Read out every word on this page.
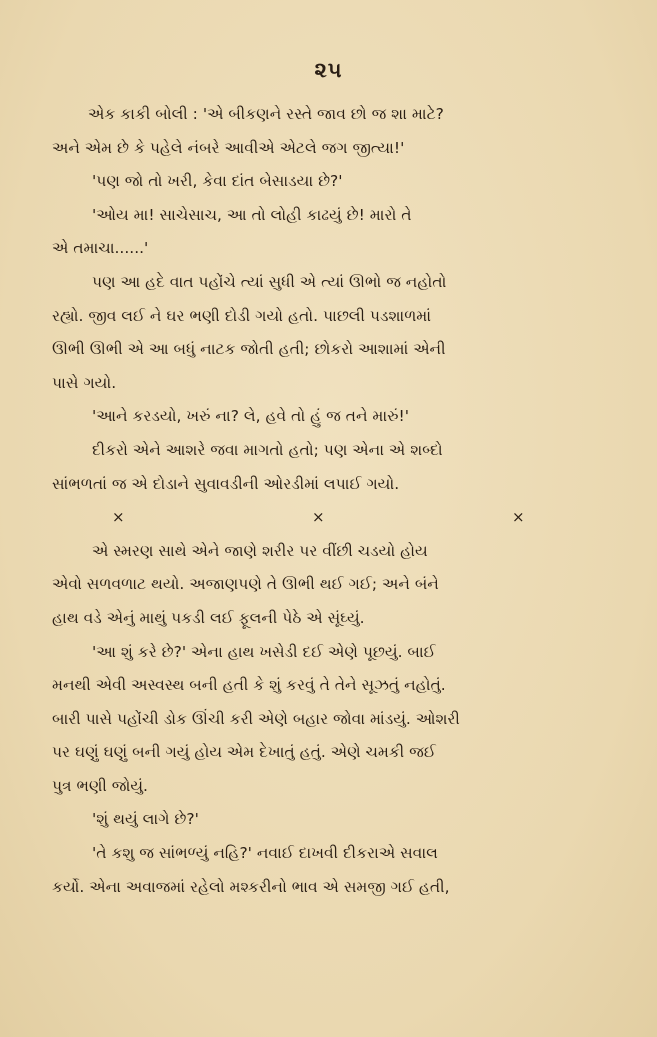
૨૫
એક કાકી બોલી : 'એ બીકણને રસ્તે જાવ છો જ શા માટે?
અને એમ છે કે પહેલે નંબરે આવીએ એટલે જગ જીત્યા!'
'પણ જો તો ખરી, કેવા દાંત બેસાડયા છે?'
'ઓય મા! સાચેસાચ, આ તો લોહી કાઢયું છે! મારો તે
એ તમાચા......'
પણ આ હદે વાત પહોંચે ત્યાં સુધી એ ત્યાં ઊભો જ નહોતો
રહ્યો. જીવ લઈ ને ઘર ભણી દોડી ગયો હતો. પાછલી પડશાળમાં
ઊભી ઊભી એ આ બધું નાટક જોતી હતી; છોકરો આશામાં એની
પાસે ગયો.
'આને કરડયો, ખરું ના? લે, હવે તો હું જ તને મારું!'
દીકરો એને આશરે જવા માગતો હતો; પણ એના એ શબ્દો
સાંભળતાં જ એ દોડાને સુવાવડીની ઓરડીમાં લપાઈ ગયો.
×	×	×
એ સ્મરણ સાથે એને જાણે શરીર પર વીંછી ચડયો હોય
એવો સળવળાટ થયો. અજાણપણે તે ઊભી થઈ ગઈ; અને બંને
હાથ વડે એનું માથું પકડી લઈ ફૂલની પેઠે એ સૂંઘ્યું.
'આ શું કરે છે?' એના હાથ ખસેડી દઈ એણે પૂછયું. બાઈ
મનથી એવી અસ્વસ્થ બની હતી કે શું કરવું તે તેને સૂઝતું નહોતું.
બારી પાસે પહોંચી ડોક ઊંચી કરી એણે બહાર જોવા માંડયું. ઓશરી
પર ઘણું ઘણું બની ગયું હોય એમ દેખાતું હતું. એણે ચમકી જઈ
પુત્ર ભણી જોયું.
'શું થયું લાગે છે?'
'તે કશુ જ સાંભળ્યું નહિ?' નવાઈ દાખવી દીકરાએ સવાલ
કર્યો. એના અવાજમાં રહેલો મશ્કરીનો ભાવ એ સમજી ગઈ હતી,
